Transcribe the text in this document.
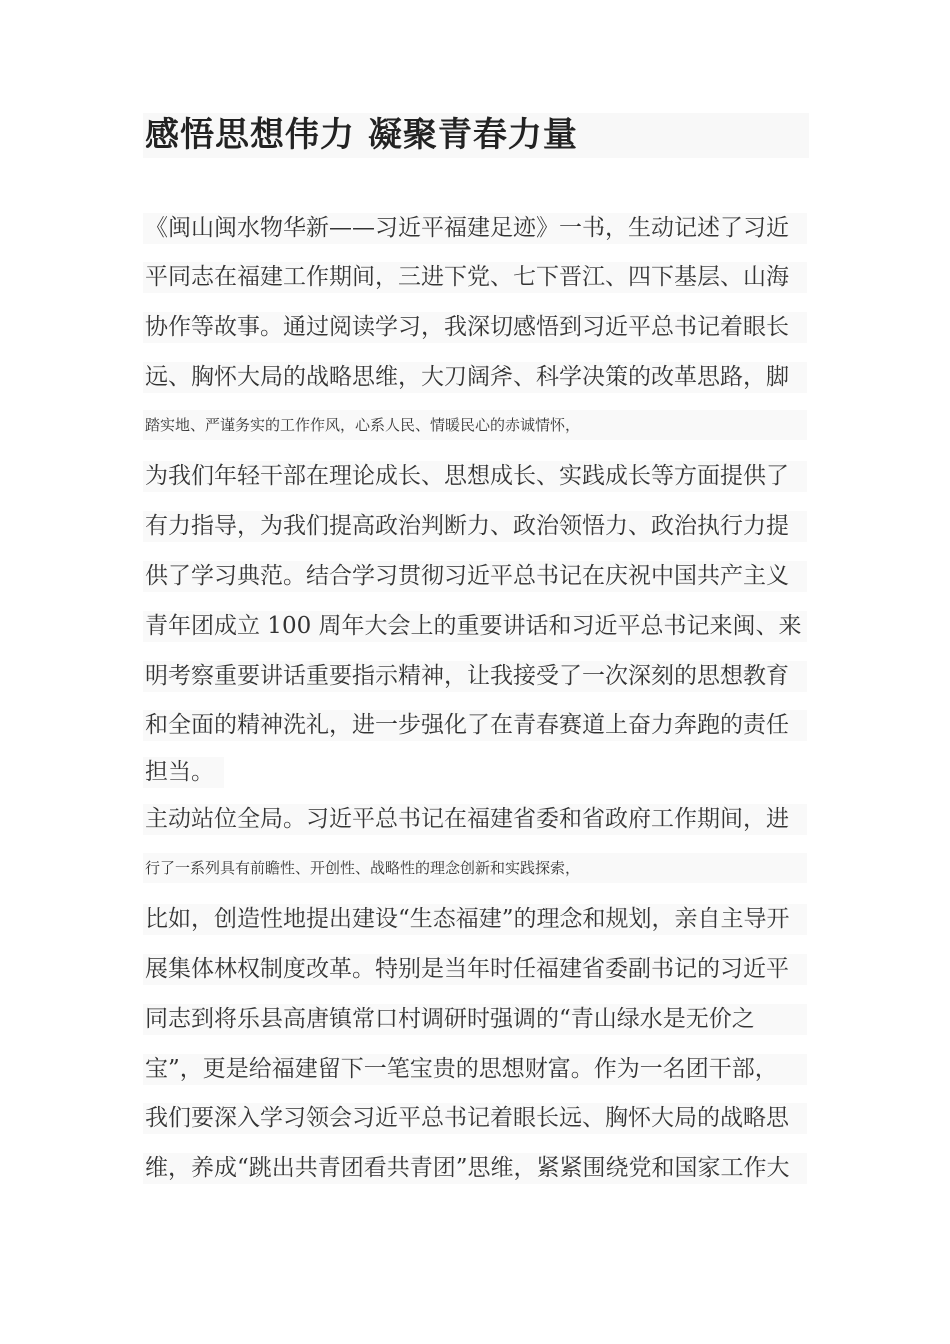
感悟思想伟力 凝聚青春力量
《闽山闽水物华新——习近平福建足迹》一书，生动记述了习近
平同志在福建工作期间，三进下党、七下晋江、四下基层、山海
协作等故事。通过阅读学习，我深切感悟到习近平总书记着眼长
远、胸怀大局的战略思维，大刀阔斧、科学决策的改革思路，脚
踏实地、严谨务实的工作作风，心系人民、情暖民心的赤诚情怀，
为我们年轻干部在理论成长、思想成长、实践成长等方面提供了
有力指导，为我们提高政治判断力、政治领悟力、政治执行力提
供了学习典范。结合学习贯彻习近平总书记在庆祝中国共产主义
青年团成立 100 周年大会上的重要讲话和习近平总书记来闽、来
明考察重要讲话重要指示精神，让我接受了一次深刻的思想教育
和全面的精神洗礼，进一步强化了在青春赛道上奋力奔跑的责任
担当。
主动站位全局。习近平总书记在福建省委和省政府工作期间，进
行了一系列具有前瞻性、开创性、战略性的理念创新和实践探索，
比如，创造性地提出建设“生态福建”的理念和规划，亲自主导开
展集体林权制度改革。特别是当年时任福建省委副书记的习近平
同志到将乐县高唐镇常口村调研时强调的“青山绿水是无价之
宝”，更是给福建留下一笔宝贵的思想财富。作为一名团干部，
我们要深入学习领会习近平总书记着眼长远、胸怀大局的战略思
维，养成“跳出共青团看共青团”思维，紧紧围绕党和国家工作大
